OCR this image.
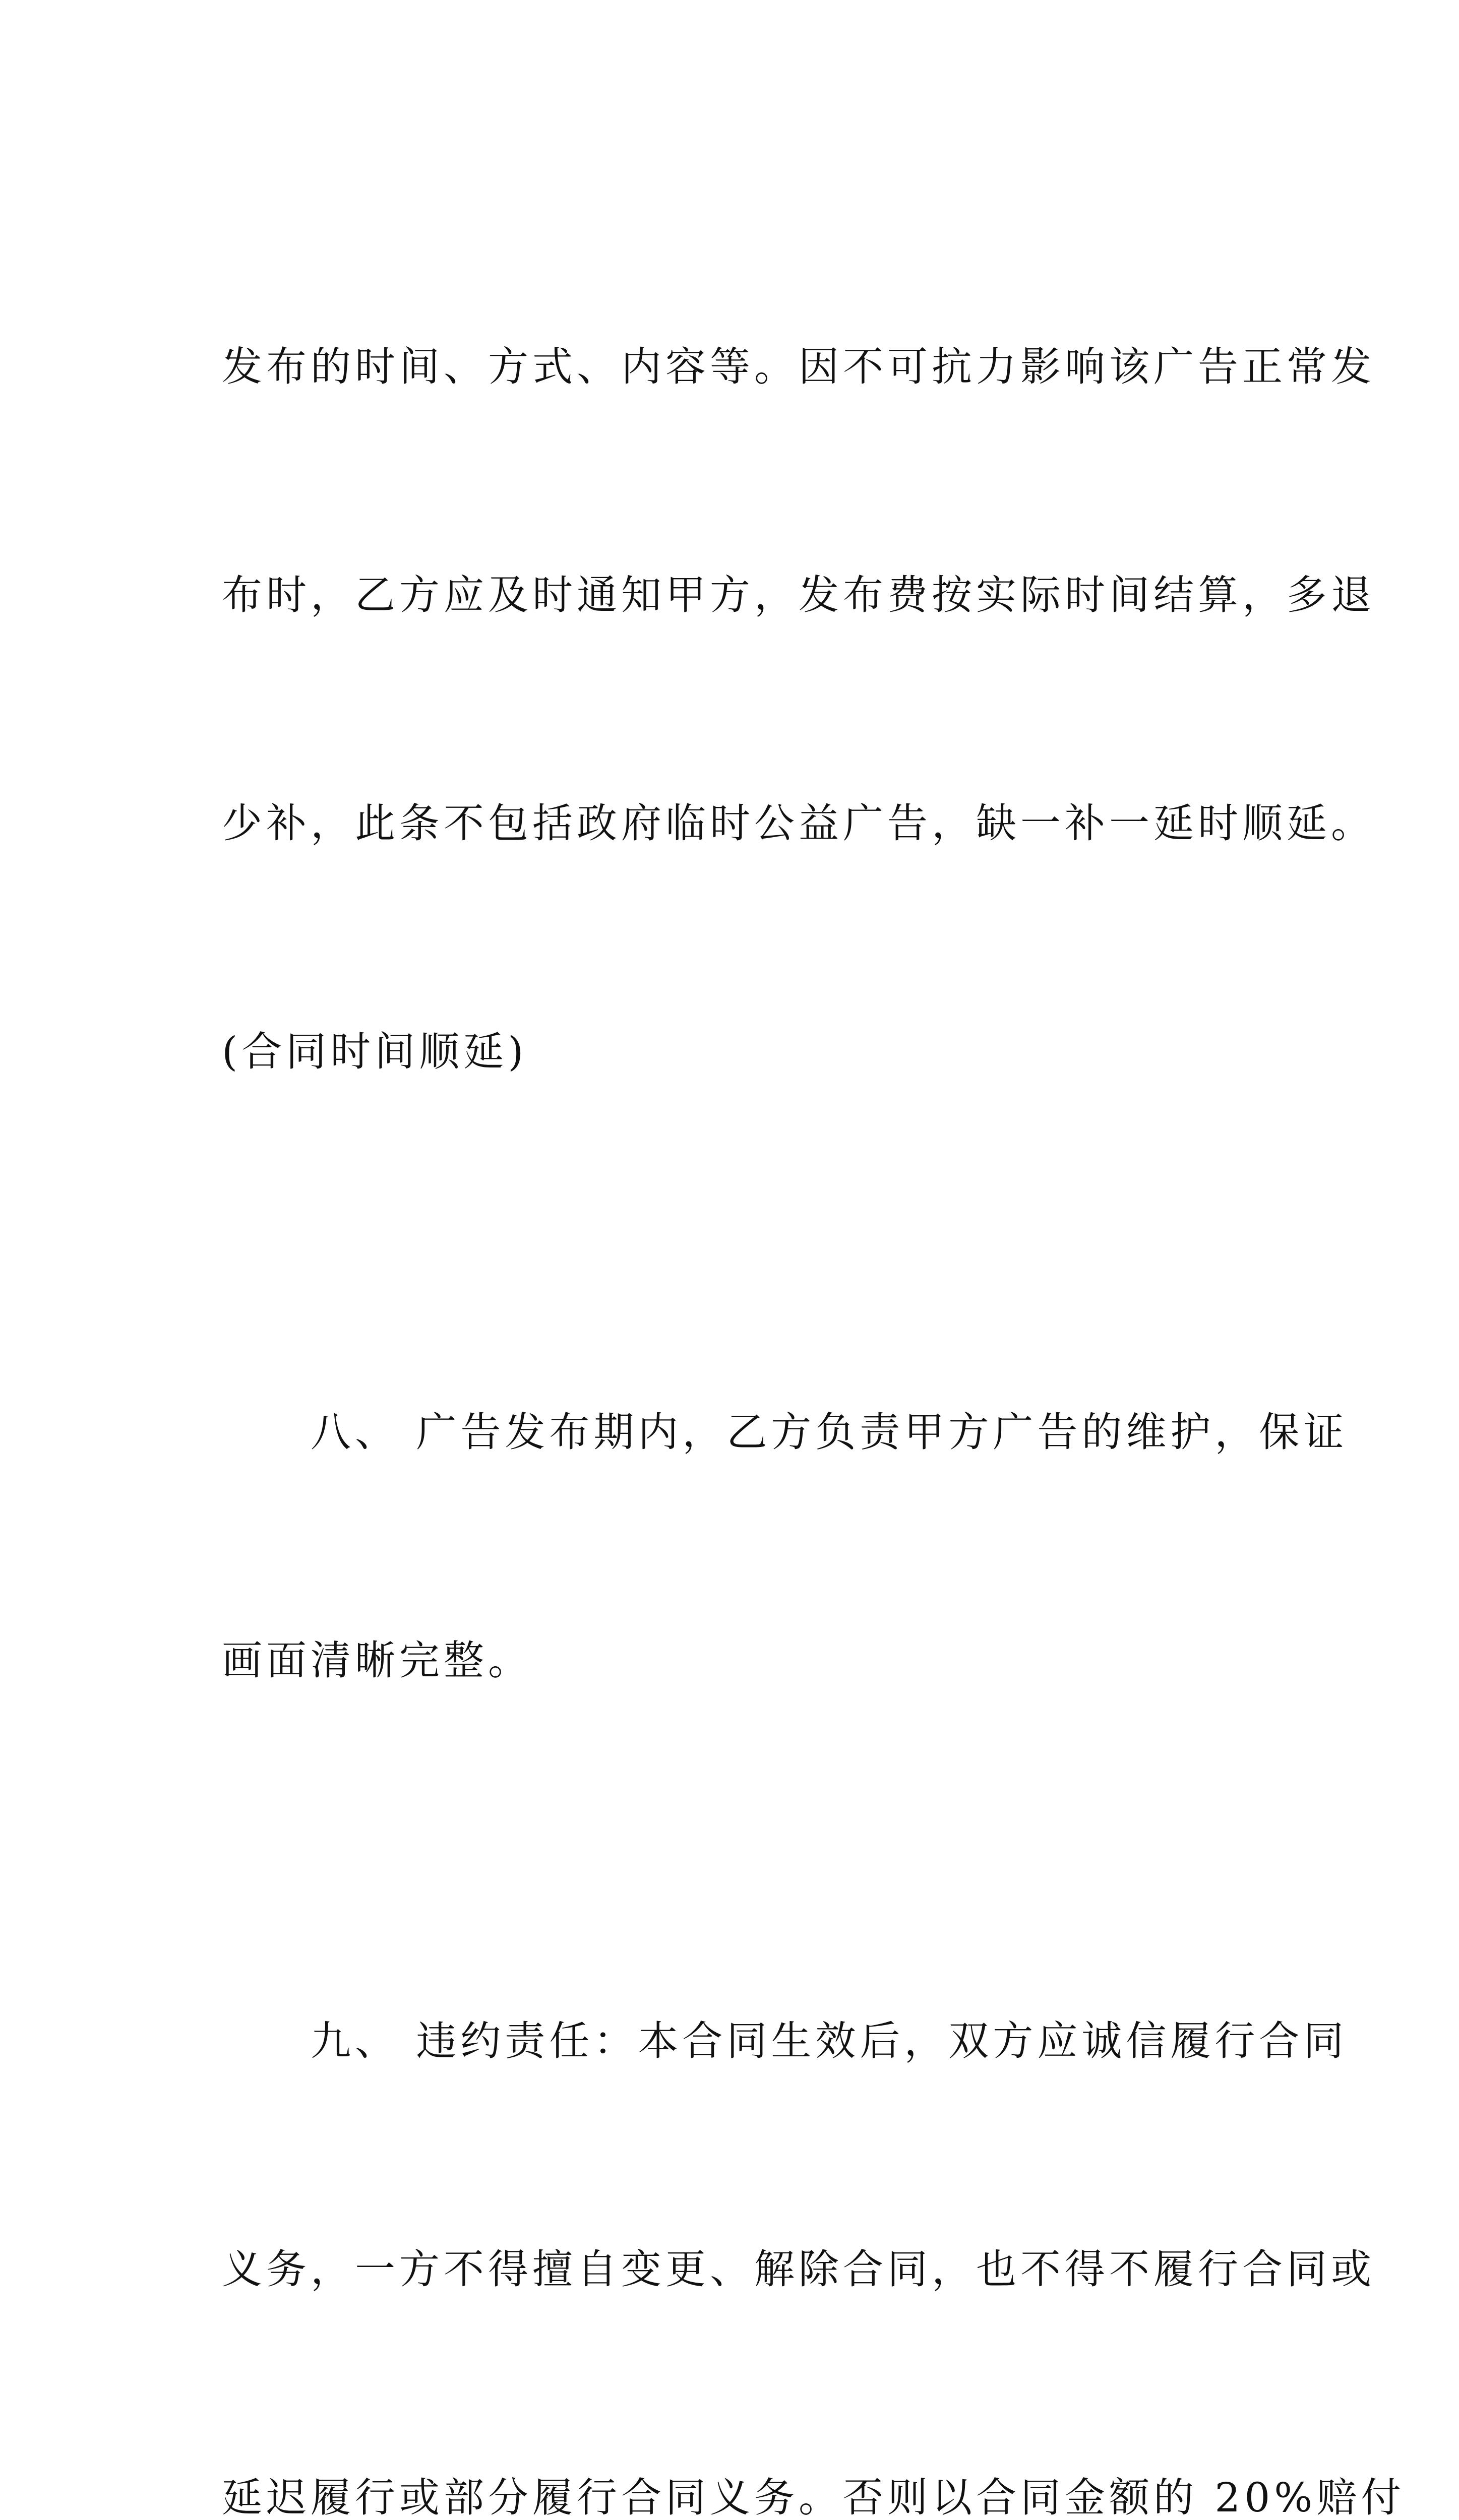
发布的时间、方式、内容等。因不可抗力影响该广告正常发

布时，乙方应及时通知甲方，发布费按实际时间结算，多退

少补，此条不包括政府临时公益广告，缺一补一延时顺延。

(合同时间顺延)

　　八、 广告发布期内，乙方负责甲方广告的维护，保证

画面清晰完整。

　　九、 违约责任：本合同生效后，双方应诚信履行合同

义务，一方不得擅自变更、解除合同，也不得不履行合同或

延迟履行或部分履行合同义务。否则以合同金额的 20%赔付
